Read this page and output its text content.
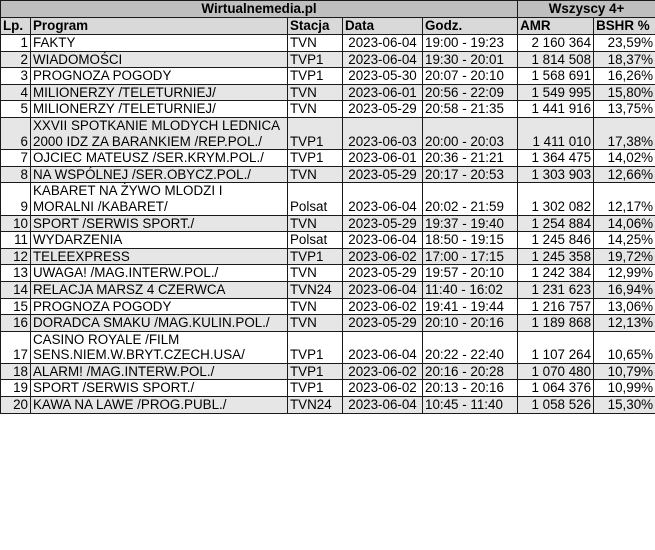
Wirtualnemedia.pl					Wszyscy 4+	
Lp.	Program	Stacja	Data	Godz.	AMR	BSHR %
1	FAKTY	TVN	2023-06-04	19:00 - 19:23	2 160 364	23,59%
2	WIADOMOŚCI	TVP1	2023-06-04	19:30 - 20:01	1 814 508	18,37%
3	PROGNOZA POGODY	TVP1	2023-05-30	20:07 - 20:10	1 568 691	16,26%
4	MILIONERZY /TELETURNIEJ/	TVN	2023-06-01	20:56 - 22:09	1 549 995	15,80%
5	MILIONERZY /TELETURNIEJ/	TVN	2023-05-29	20:58 - 21:35	1 441 916	13,75%
6	XXVII SPOTKANIE MLODYCH LEDNICA 2000 IDZ ZA BARANKIEM /REP.POL./	TVP1	2023-06-03	20:00 - 20:03	1 411 010	17,38%
7	OJCIEC MATEUSZ /SER.KRYM.POL./	TVP1	2023-06-01	20:36 - 21:21	1 364 475	14,02%
8	NA WSPÓLNEJ /SER.OBYCZ.POL./	TVN	2023-05-29	20:17 - 20:53	1 303 903	12,66%
9	KABARET NA ŻYWO MLODZI I MORALNI /KABARET/	Polsat	2023-06-04	20:02 - 21:59	1 302 082	12,17%
10	SPORT /SERWIS SPORT./	TVN	2023-05-29	19:37 - 19:40	1 254 884	14,06%
11	WYDARZENIA	Polsat	2023-06-04	18:50 - 19:15	1 245 846	14,25%
12	TELEEXPRESS	TVP1	2023-06-02	17:00 - 17:15	1 245 358	19,72%
13	UWAGA! /MAG.INTERW.POL./	TVN	2023-05-29	19:57 - 20:10	1 242 384	12,99%
14	RELACJA MARSZ 4 CZERWCA	TVN24	2023-06-04	11:40 - 16:02	1 231 623	16,94%
15	PROGNOZA POGODY	TVN	2023-06-02	19:41 - 19:44	1 216 757	13,06%
16	DORADCA SMAKU /MAG.KULIN.POL./	TVN	2023-05-29	20:10 - 20:16	1 189 868	12,13%
17	CASINO ROYALE /FILM SENS.NIEM.W.BRYT.CZECH.USA/	TVP1	2023-06-04	20:22 - 22:40	1 107 264	10,65%
18	ALARM! /MAG.INTERW.POL./	TVP1	2023-06-02	20:16 - 20:28	1 070 480	10,79%
19	SPORT /SERWIS SPORT./	TVP1	2023-06-02	20:13 - 20:16	1 064 376	10,99%
20	KAWA NA LAWE /PROG.PUBL./	TVN24	2023-06-04	10:45 - 11:40	1 058 526	15,30%
